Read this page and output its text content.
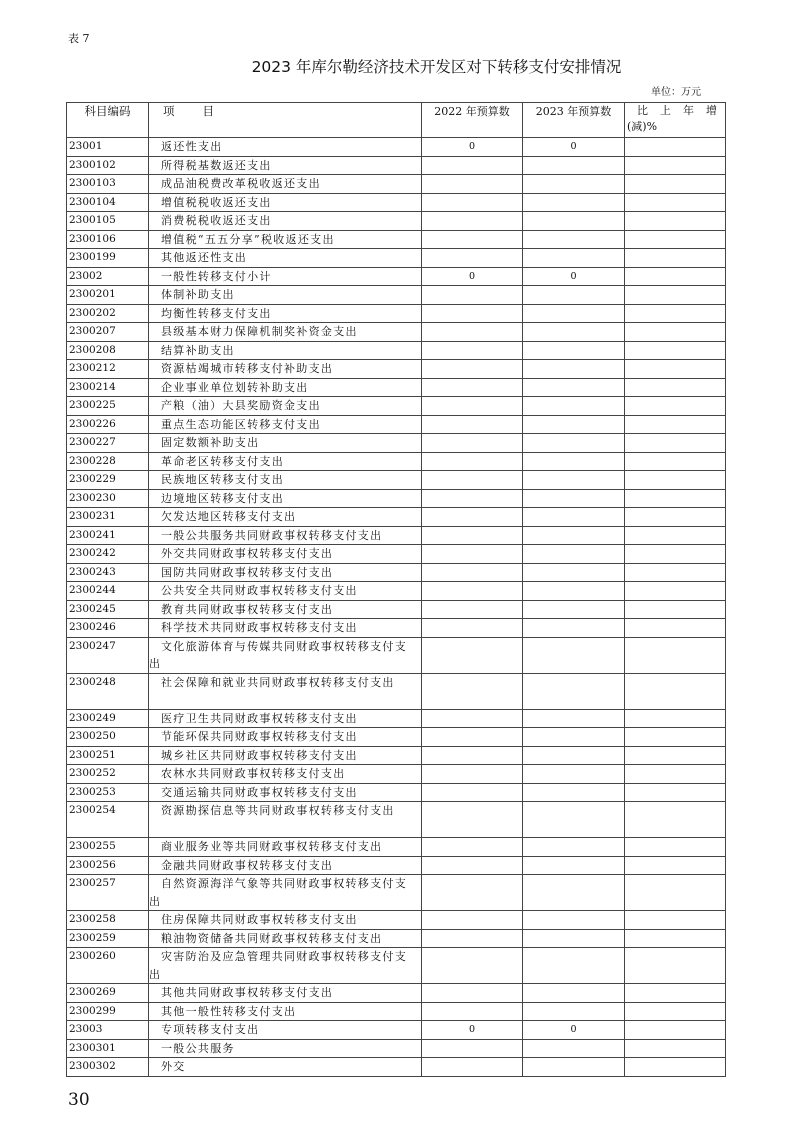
表 7
2023 年库尔勒经济技术开发区对下转移支付安排情况
单位：万元
科目编码	项目	2022 年预算数	2023 年预算数	比 上 年 增
(减)%

23001	返还性支出	0	0	
2300102	所得税基数返还支出			

2300103	成品油税费改革税收返还支出			

2300104	增值税税收返还支出			

2300105	消费税税收返还支出			

2300106	增值税“五五分享”税收返还支出			

2300199	其他返还性支出			

23002	一般性转移支付小计	0	0	
2300201	体制补助支出			

2300202	均衡性转移支付支出			

2300207	县级基本财力保障机制奖补资金支出			

2300208	结算补助支出			

2300212	资源枯竭城市转移支付补助支出			

2300214	企业事业单位划转补助支出			

2300225	产粮（油）大县奖励资金支出			

2300226	重点生态功能区转移支付支出			

2300227	固定数额补助支出			

2300228	革命老区转移支付支出			

2300229	民族地区转移支付支出			

2300230	边境地区转移支付支出			

2300231	欠发达地区转移支付支出			

2300241	一般公共服务共同财政事权转移支付支出			

2300242	外交共同财政事权转移支付支出			

2300243	国防共同财政事权转移支付支出			

2300244	公共安全共同财政事权转移支付支出			

2300245	教育共同财政事权转移支付支出			

2300246	科学技术共同财政事权转移支付支出			

2300247	文化旅游体育与传媒共同财政事权转移支付支出			

2300248	社会保障和就业共同财政事权转移支付支出			

2300249	医疗卫生共同财政事权转移支付支出			

2300250	节能环保共同财政事权转移支付支出			

2300251	城乡社区共同财政事权转移支付支出			

2300252	农林水共同财政事权转移支付支出			

2300253	交通运输共同财政事权转移支付支出			

2300254	资源勘探信息等共同财政事权转移支付支出			

2300255	商业服务业等共同财政事权转移支付支出			

2300256	金融共同财政事权转移支付支出			

2300257	自然资源海洋气象等共同财政事权转移支付支出			

2300258	住房保障共同财政事权转移支付支出			

2300259	粮油物资储备共同财政事权转移支付支出			

2300260	灾害防治及应急管理共同财政事权转移支付支出			

2300269	其他共同财政事权转移支付支出			

2300299	其他一般性转移支付支出			

23003	专项转移支付支出	0	0	
2300301	一般公共服务			

2300302	外交			

30
